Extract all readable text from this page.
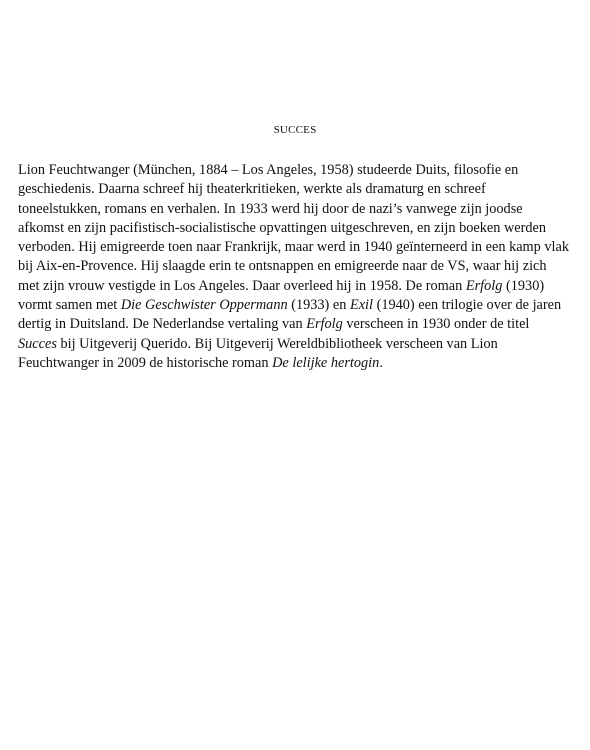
SUCCES

Lion Feuchtwanger (München, 1884 – Los Angeles, 1958) studeerde Duits, filosofie en geschiedenis. Daarna schreef hij theaterkritieken, werkte als dramaturg en schreef toneelstukken, romans en verhalen. In 1933 werd hij door de nazi’s vanwege zijn joodse afkomst en zijn pacifistisch-socialistische opvattingen uitgeschreven, en zijn boeken werden verboden. Hij emigreerde toen naar Frankrijk, maar werd in 1940 geïnterneerd in een kamp vlak bij Aix-en-Provence. Hij slaagde erin te ontsnappen en emigreerde naar de VS, waar hij zich met zijn vrouw vestigde in Los Angeles. Daar overleed hij in 1958. De roman Erfolg (1930) vormt samen met Die Geschwister Oppermann (1933) en Exil (1940) een trilogie over de jaren dertig in Duitsland. De Nederlandse vertaling van Erfolg verscheen in 1930 onder de titel Succes bij Uitgeverij Querido. Bij Uitgeverij Wereldbibliotheek verscheen van Lion Feuchtwanger in 2009 de historische roman De lelijke hertogin.
